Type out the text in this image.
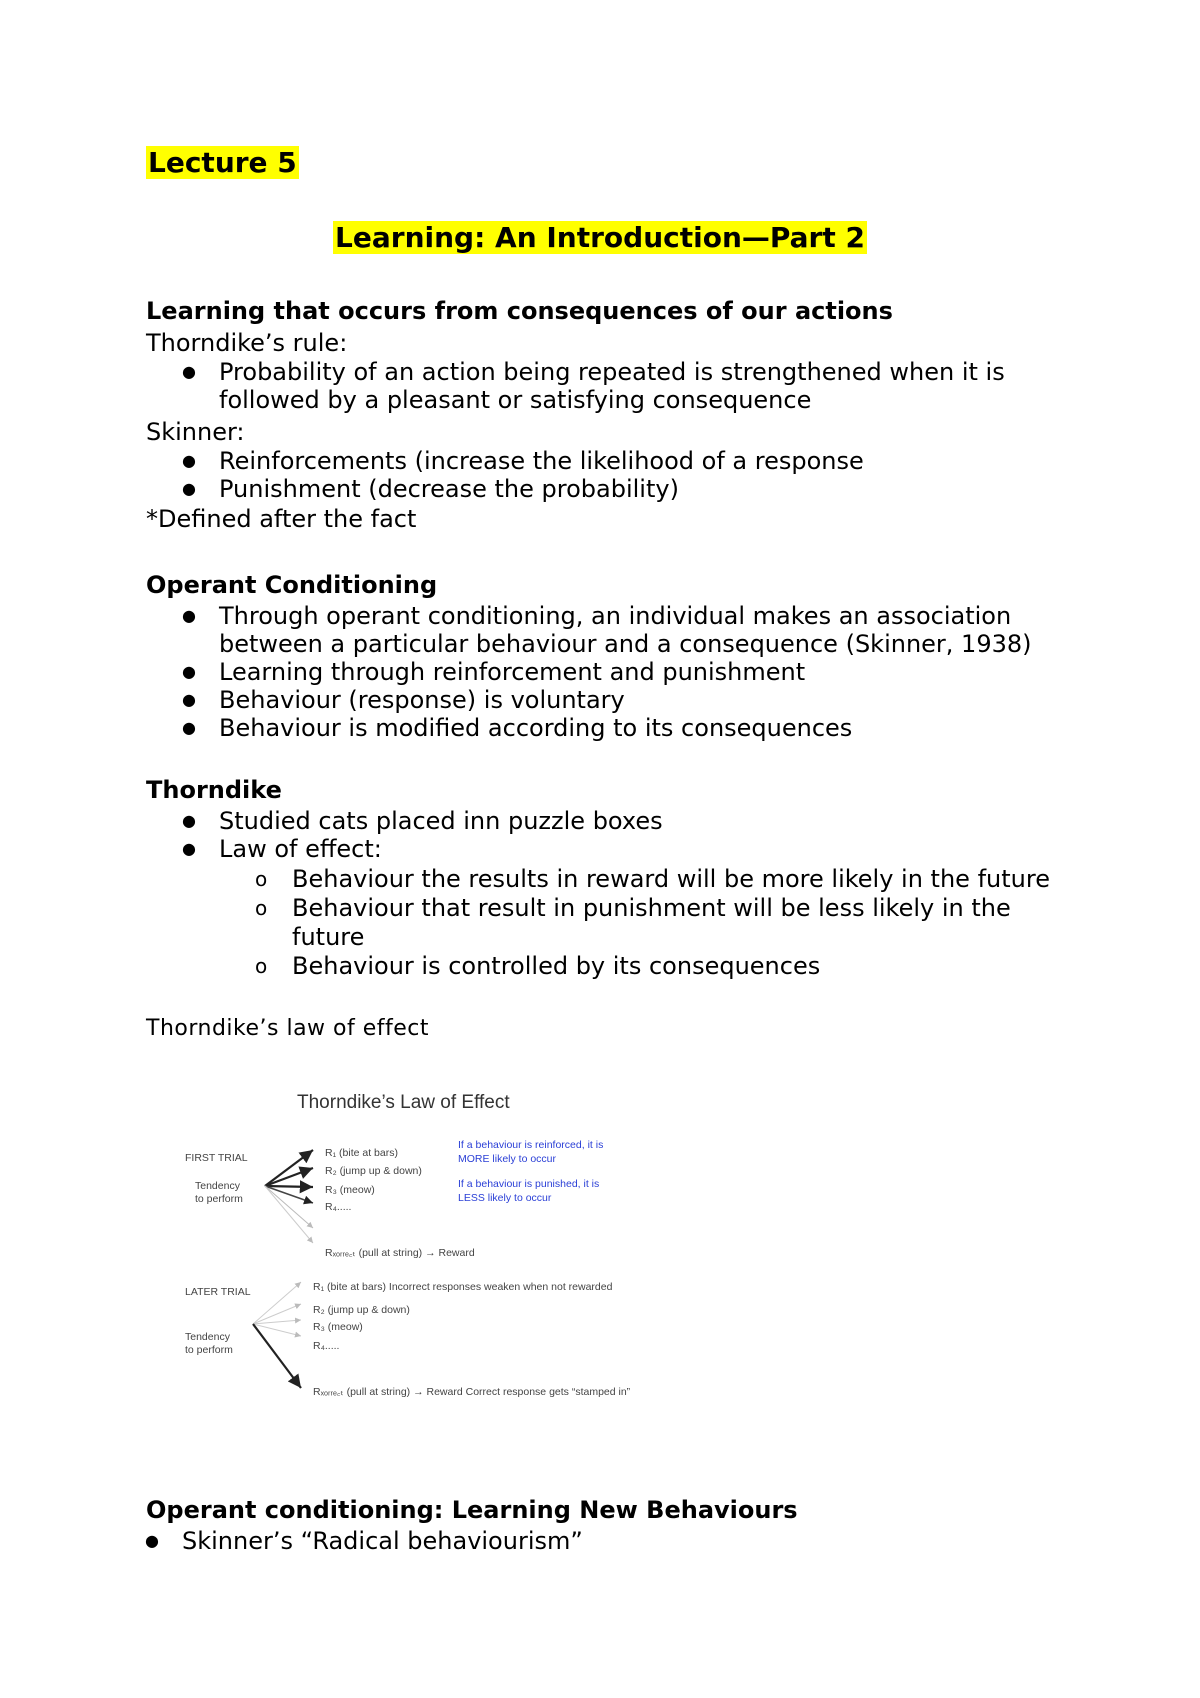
Lecture 5
Learning: An Introduction—Part 2
Learning that occurs from consequences of our actions
Thorndike’s rule:
● Probability of an action being repeated is strengthened when it is
followed by a pleasant or satisfying consequence
Skinner:
● Reinforcements (increase the likelihood of a response
● Punishment (decrease the probability)
*Defined after the fact
Operant Conditioning
● Through operant conditioning, an individual makes an association
between a particular behaviour and a consequence (Skinner, 1938)
● Learning through reinforcement and punishment
● Behaviour (response) is voluntary
● Behaviour is modified according to its consequences
Thorndike
● Studied cats placed inn puzzle boxes
● Law of effect:
o Behaviour the results in reward will be more likely in the future
o Behaviour that result in punishment will be less likely in the
future
o Behaviour is controlled by its consequences
Thorndike’s law of effect
Thorndike’s Law of Effect
FIRST TRIAL
Tendency
to perform
R₁ (bite at bars)
R₂ (jump up & down)
R₃ (meow)
R₄.....
Rₓₒᵣᵣₑ꜀ₜ (pull at string) → Reward
If a behaviour is reinforced, it is
MORE likely to occur
If a behaviour is punished, it is
LESS likely to occur
LATER TRIAL
Tendency
to perform
R₁ (bite at bars) Incorrect responses weaken when not rewarded
R₂ (jump up & down)
R₃ (meow)
R₄.....
Rₓₒᵣᵣₑ꜀ₜ (pull at string) → Reward Correct response gets “stamped in”
Operant conditioning: Learning New Behaviours
● Skinner’s “Radical behaviourism”
